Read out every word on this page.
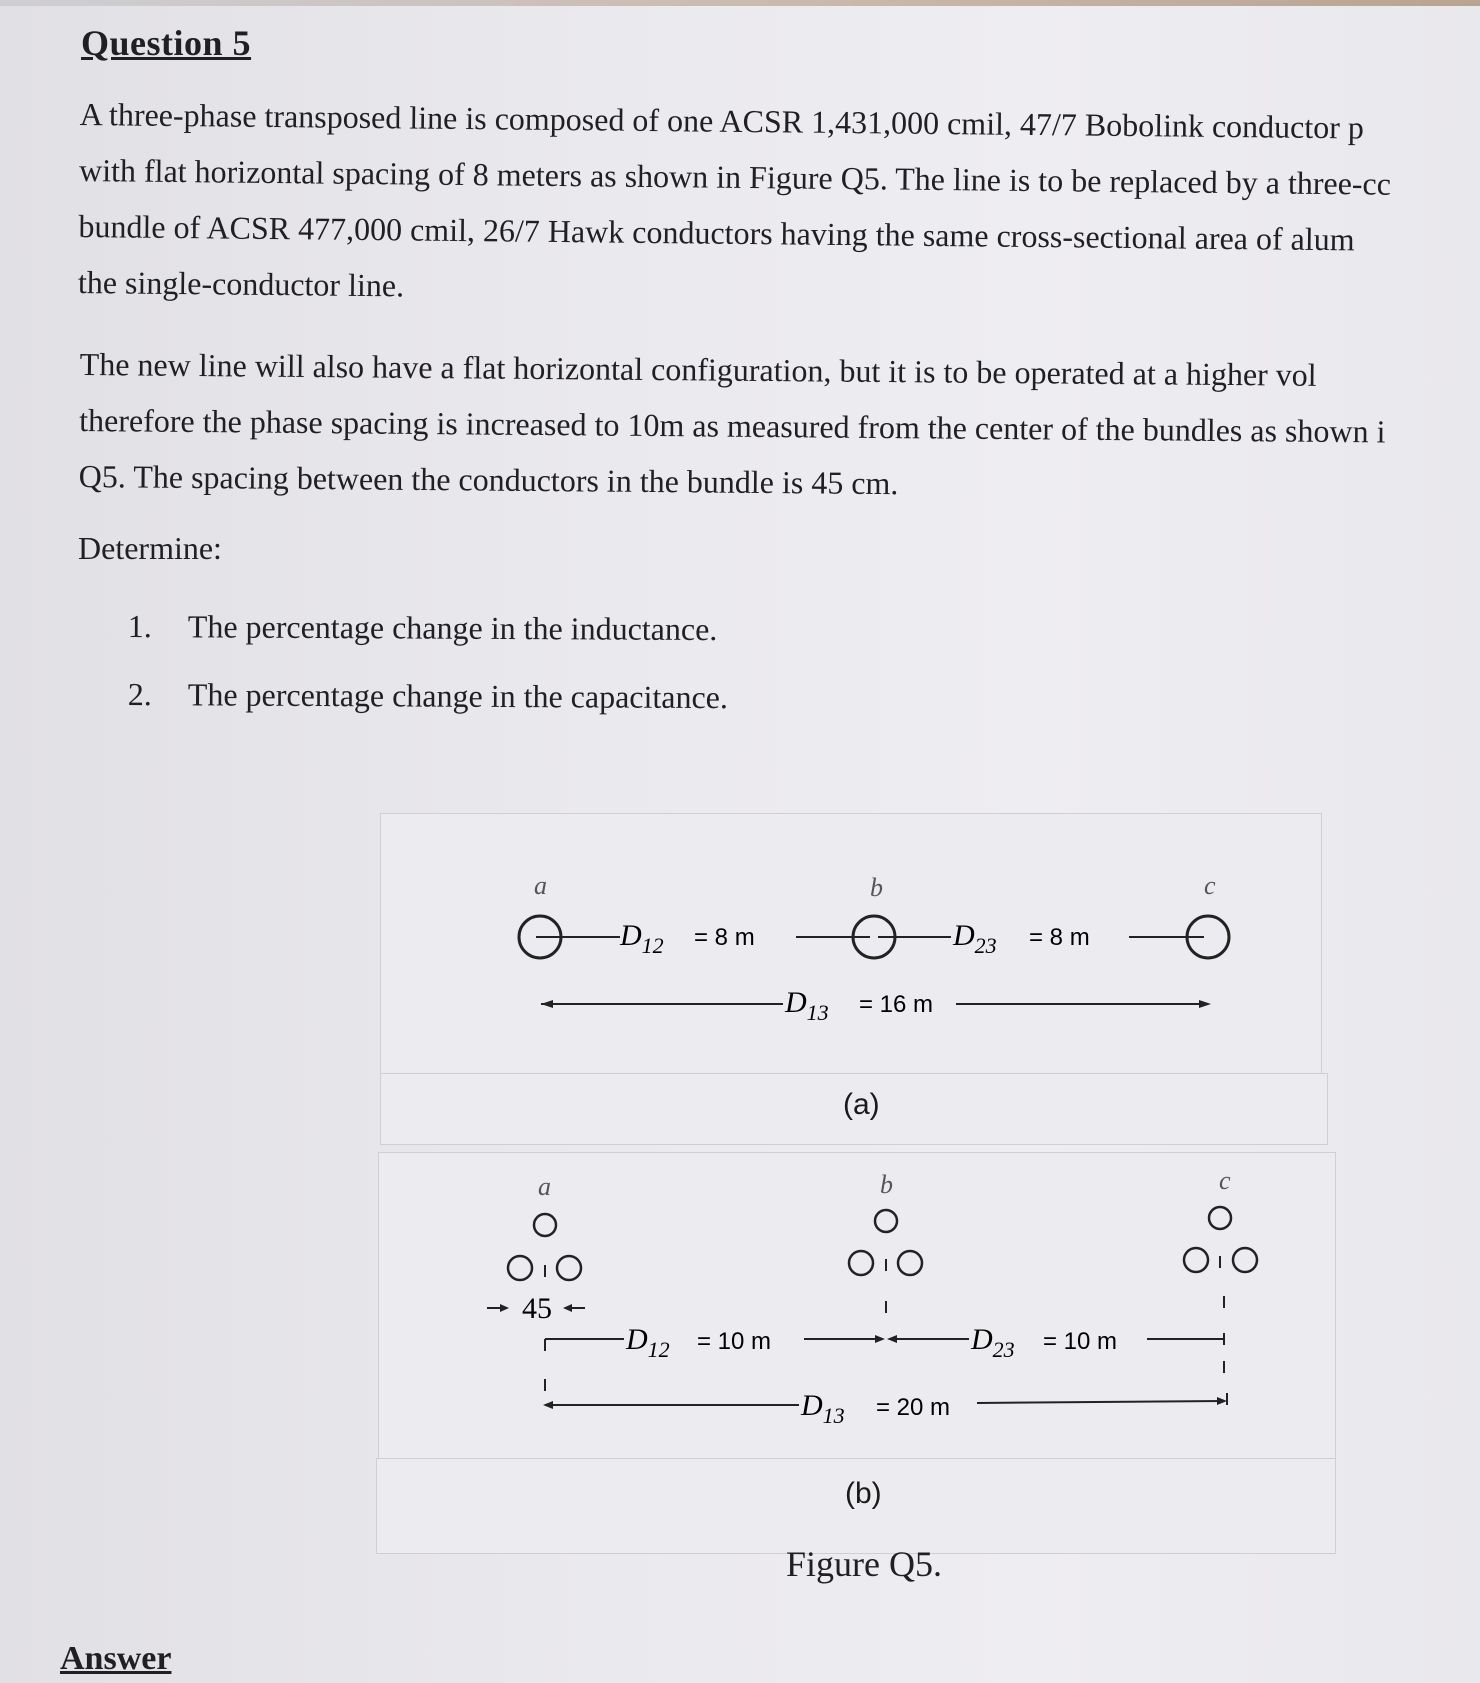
Question 5

A three-phase transposed line is composed of one ACSR 1,431,000 cmil, 47/7 Bobolink conductor p

with flat horizontal spacing of 8 meters as shown in Figure Q5. The line is to be replaced by a three-cc

bundle of ACSR 477,000 cmil, 26/7 Hawk conductors having the same cross-sectional area of alum

the single-conductor line.

The new line will also have a flat horizontal configuration, but it is to be operated at a higher vol

therefore the phase spacing is increased to 10m as measured from the center of the bundles as shown i

Q5. The spacing between the conductors in the bundle is 45 cm.

Determine:
1. The percentage change in the inductance.
2. The percentage change in the capacitance.
a	b	c
$D_{12} = 8$ m	$D_{23} = 8$ m
$D_{13} = 16$ m
(a)
a	b	c
45
$D_{12} = 10$ m	$D_{23} = 10$ m
$D_{13} = 20$ m
(b)
Figure Q5.
Answer
